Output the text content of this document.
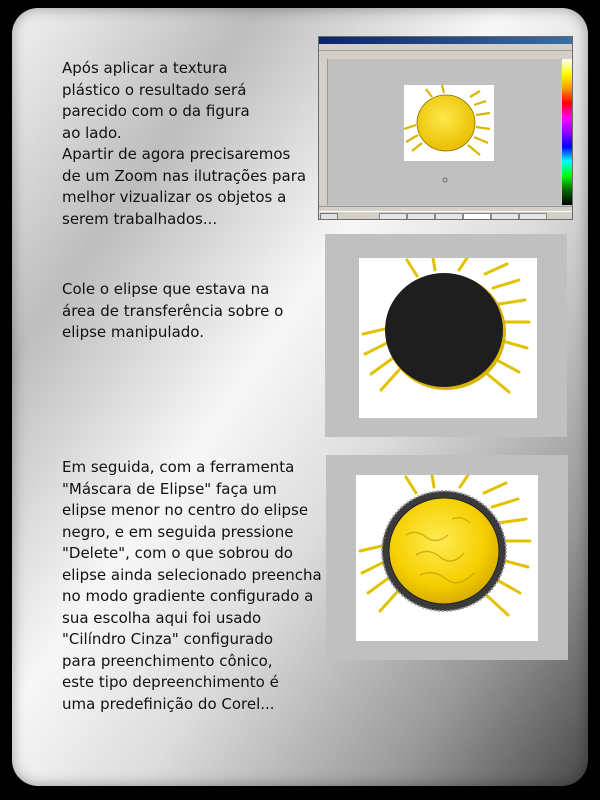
Após aplicar a textura
plástico o resultado será
parecido com o da figura
ao lado.
Apartir de agora precisaremos
de um Zoom nas ilutrações para
melhor vizualizar os objetos a
serem trabalhados...
Cole o elipse que estava na
área de transferência sobre o
elipse manipulado.
Em seguida, com a ferramenta
"Máscara de Elipse" faça um
elipse menor no centro do elipse
negro, e em seguida pressione
"Delete", com o que sobrou do
elipse ainda selecionado preencha
no modo gradiente configurado a
sua escolha aqui foi usado
"Cilíndro Cinza" configurado
para preenchimento cônico,
este tipo depreenchimento é
uma predefinição do Corel...
